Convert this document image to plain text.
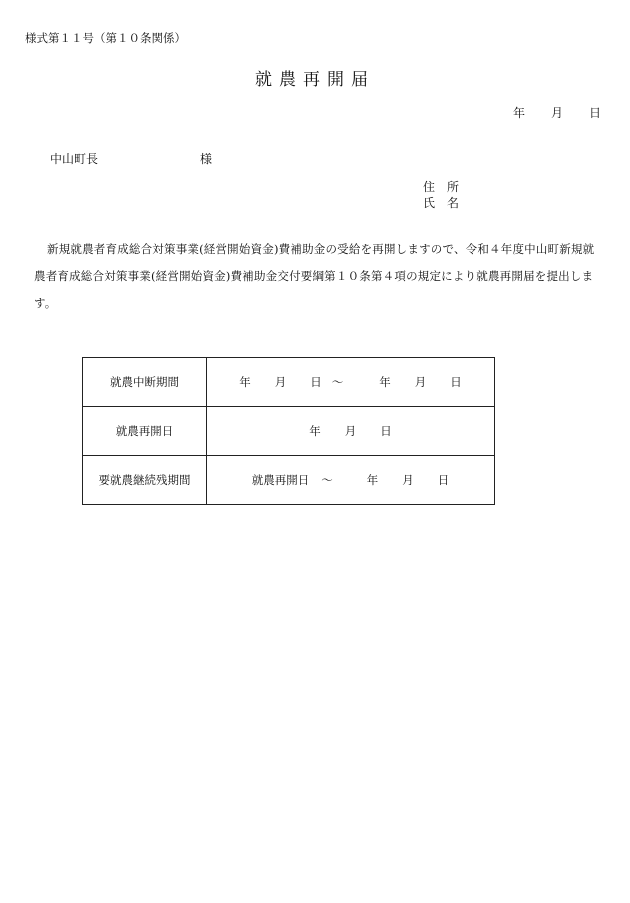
様式第１１号（第１０条関係）
就農再開届
年 月 日
中山町長	様
住　所
氏　名
新規就農者育成総合対策事業(経営開始資金)費補助金の受給を再開しますので、令和４年度中山町新規就農者育成総合対策事業(経営開始資金)費補助金交付要綱第１０条第４項の規定により就農再開届を提出します。
就農中断期間	年 月 日 ～ 年 月 日
就農再開日	年 月 日
要就農継続残期間	就農再開日 ～ 年 月 日
